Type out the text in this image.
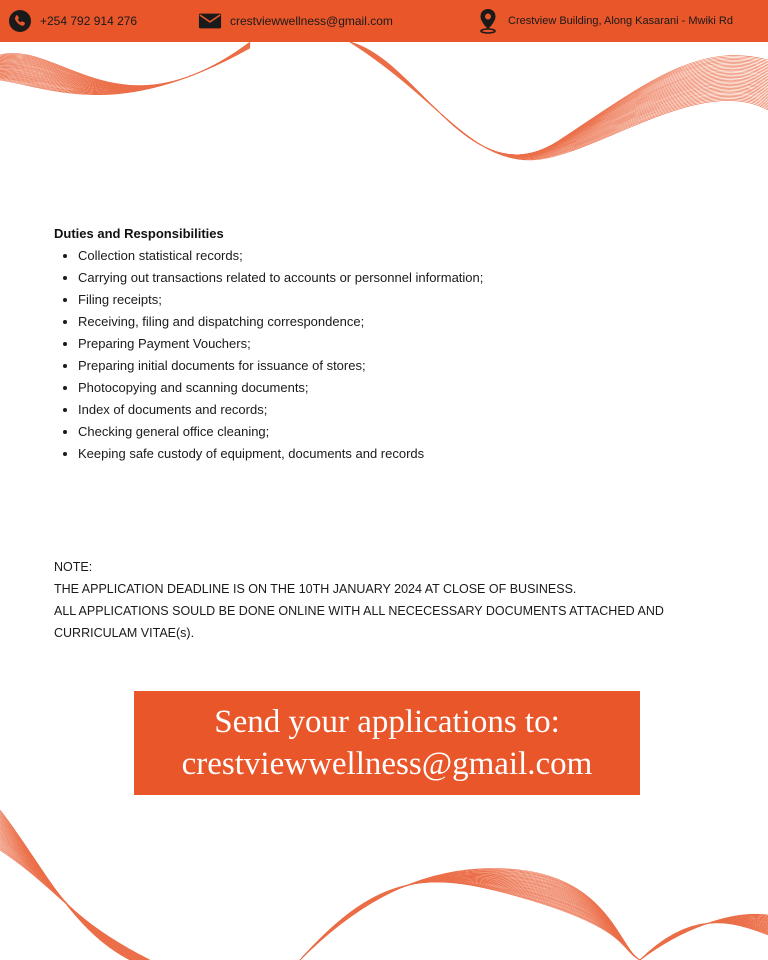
+254 792 914 276	crestviewwellness@gmail.com	Crestview Building, Along Kasarani - Mwiki Rd
Duties and Responsibilities
• Collection statistical records;
• Carrying out transactions related to accounts or personnel information;
• Filing receipts;
• Receiving, filing and dispatching correspondence;
• Preparing Payment Vouchers;
• Preparing initial documents for issuance of stores;
• Photocopying and scanning documents;
• Index of documents and records;
• Checking general office cleaning;
• Keeping safe custody of equipment, documents and records

NOTE:

THE APPLICATION DEADLINE IS ON THE 10TH JANUARY 2024 AT CLOSE OF BUSINESS.

ALL APPLICATIONS SOULD BE DONE ONLINE WITH ALL NECECESSARY DOCUMENTS ATTACHED AND CURRICULAM VITAE(s).

Send your applications to:
crestviewwellness@gmail.com
